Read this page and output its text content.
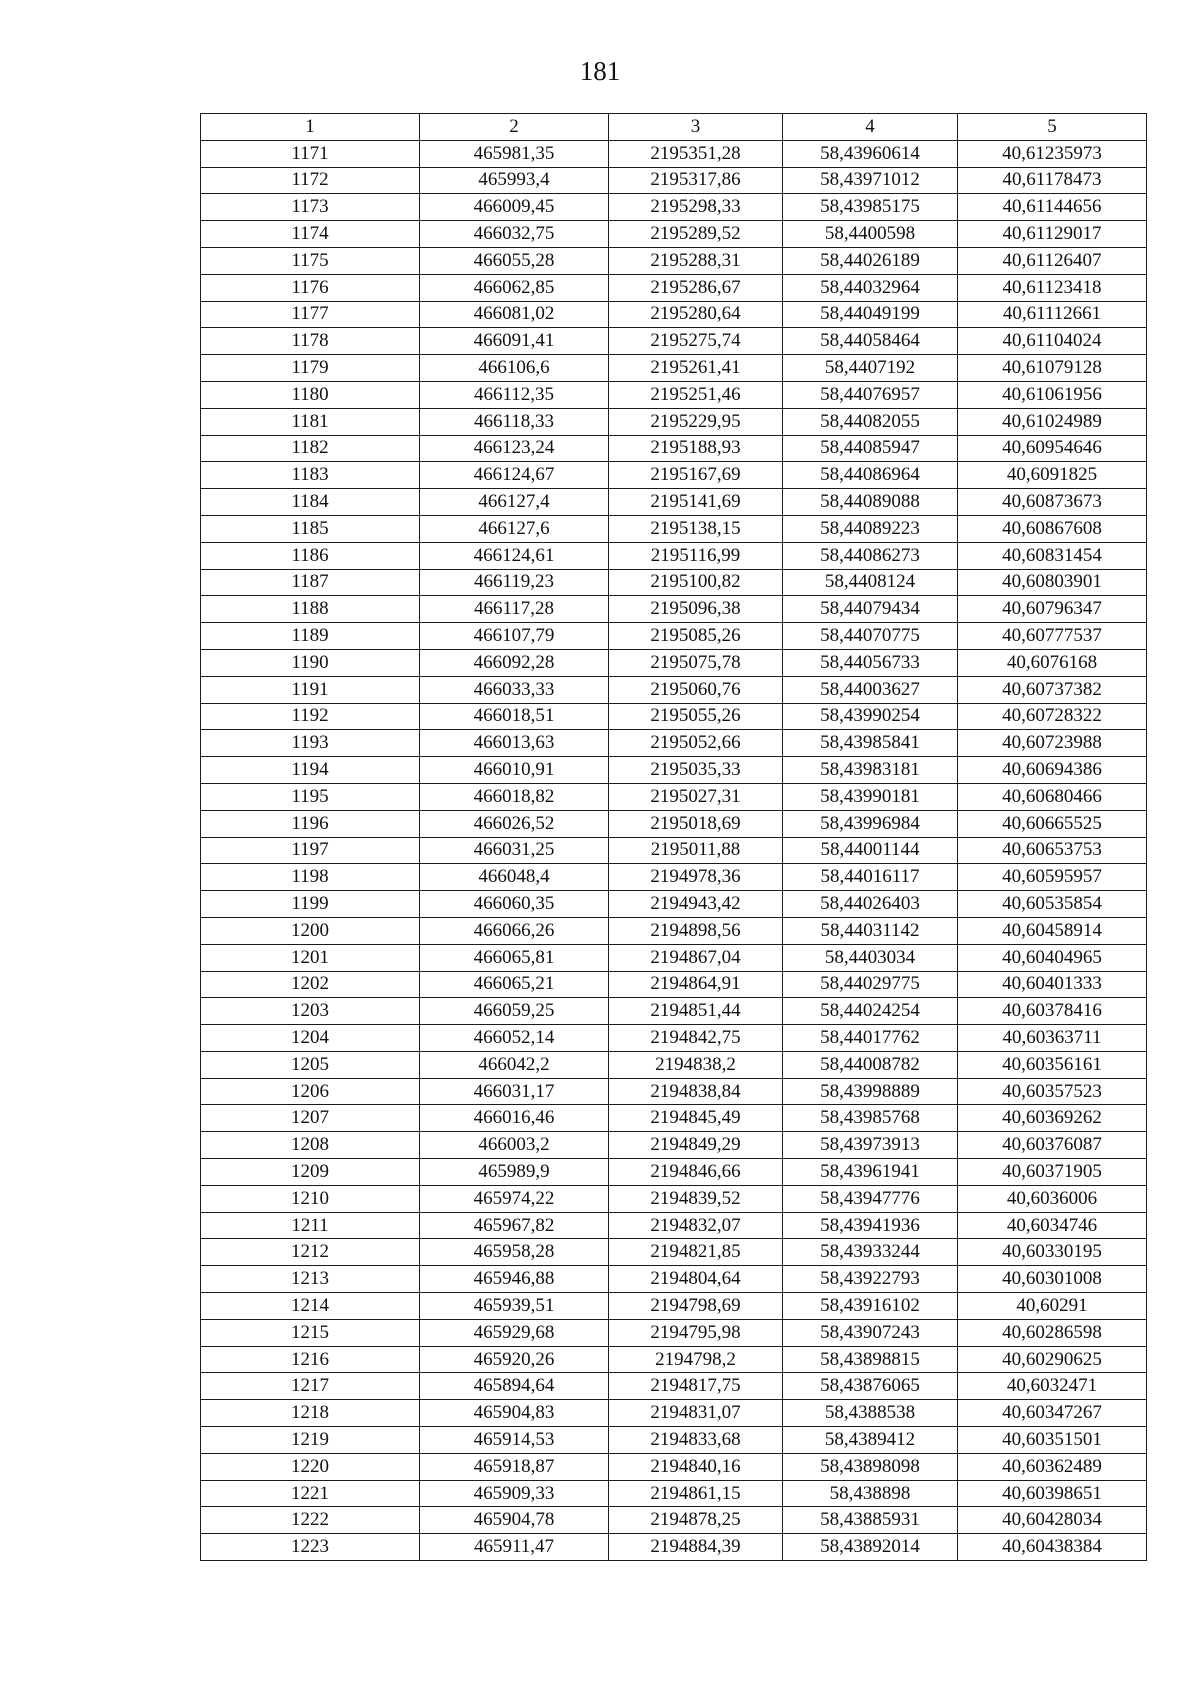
181
1	2	3	4	5
1171	465981,35	2195351,28	58,43960614	40,61235973
1172	465993,4	2195317,86	58,43971012	40,61178473
1173	466009,45	2195298,33	58,43985175	40,61144656
1174	466032,75	2195289,52	58,4400598	40,61129017
1175	466055,28	2195288,31	58,44026189	40,61126407
1176	466062,85	2195286,67	58,44032964	40,61123418
1177	466081,02	2195280,64	58,44049199	40,61112661
1178	466091,41	2195275,74	58,44058464	40,61104024
1179	466106,6	2195261,41	58,4407192	40,61079128
1180	466112,35	2195251,46	58,44076957	40,61061956
1181	466118,33	2195229,95	58,44082055	40,61024989
1182	466123,24	2195188,93	58,44085947	40,60954646
1183	466124,67	2195167,69	58,44086964	40,6091825
1184	466127,4	2195141,69	58,44089088	40,60873673
1185	466127,6	2195138,15	58,44089223	40,60867608
1186	466124,61	2195116,99	58,44086273	40,60831454
1187	466119,23	2195100,82	58,4408124	40,60803901
1188	466117,28	2195096,38	58,44079434	40,60796347
1189	466107,79	2195085,26	58,44070775	40,60777537
1190	466092,28	2195075,78	58,44056733	40,6076168
1191	466033,33	2195060,76	58,44003627	40,60737382
1192	466018,51	2195055,26	58,43990254	40,60728322
1193	466013,63	2195052,66	58,43985841	40,60723988
1194	466010,91	2195035,33	58,43983181	40,60694386
1195	466018,82	2195027,31	58,43990181	40,60680466
1196	466026,52	2195018,69	58,43996984	40,60665525
1197	466031,25	2195011,88	58,44001144	40,60653753
1198	466048,4	2194978,36	58,44016117	40,60595957
1199	466060,35	2194943,42	58,44026403	40,60535854
1200	466066,26	2194898,56	58,44031142	40,60458914
1201	466065,81	2194867,04	58,4403034	40,60404965
1202	466065,21	2194864,91	58,44029775	40,60401333
1203	466059,25	2194851,44	58,44024254	40,60378416
1204	466052,14	2194842,75	58,44017762	40,60363711
1205	466042,2	2194838,2	58,44008782	40,60356161
1206	466031,17	2194838,84	58,43998889	40,60357523
1207	466016,46	2194845,49	58,43985768	40,60369262
1208	466003,2	2194849,29	58,43973913	40,60376087
1209	465989,9	2194846,66	58,43961941	40,60371905
1210	465974,22	2194839,52	58,43947776	40,6036006
1211	465967,82	2194832,07	58,43941936	40,6034746
1212	465958,28	2194821,85	58,43933244	40,60330195
1213	465946,88	2194804,64	58,43922793	40,60301008
1214	465939,51	2194798,69	58,43916102	40,60291
1215	465929,68	2194795,98	58,43907243	40,60286598
1216	465920,26	2194798,2	58,43898815	40,60290625
1217	465894,64	2194817,75	58,43876065	40,6032471
1218	465904,83	2194831,07	58,4388538	40,60347267
1219	465914,53	2194833,68	58,4389412	40,60351501
1220	465918,87	2194840,16	58,43898098	40,60362489
1221	465909,33	2194861,15	58,438898	40,60398651
1222	465904,78	2194878,25	58,43885931	40,60428034
1223	465911,47	2194884,39	58,43892014	40,60438384
